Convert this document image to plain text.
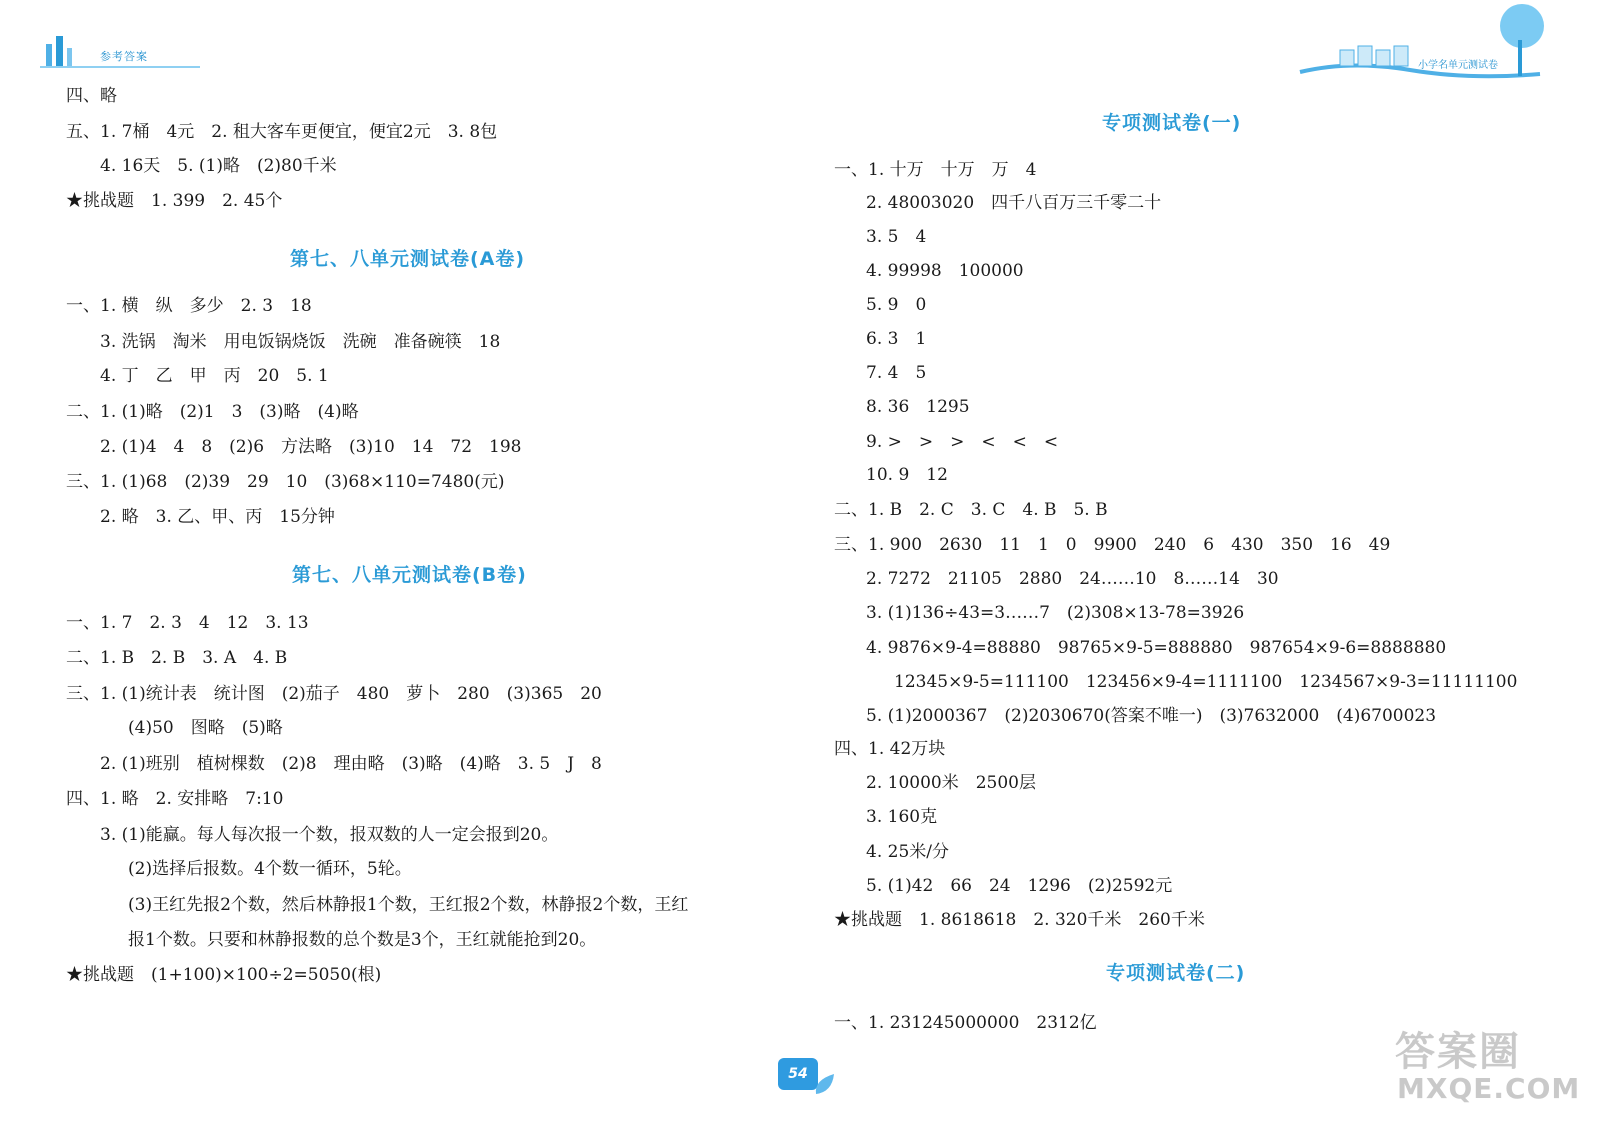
参考答案
小学名单元测试卷
四、略
五、1. 7桶　4元　2. 租大客车更便宜，便宜2元　3. 8包
4. 16天　5. (1)略　(2)80千米
★挑战题　1. 399　2. 45个
第七、八单元测试卷(A卷)
一、1. 横　纵　多少　2. 3　18
3. 洗锅　淘米　用电饭锅烧饭　洗碗　准备碗筷　18
4. 丁　乙　甲　丙　20　5. 1
二、1. (1)略　(2)1　3　(3)略　(4)略
2. (1)4　4　8　(2)6　方法略　(3)10　14　72　198
三、1. (1)68　(2)39　29　10　(3)68×110=7480(元)
2. 略　3. 乙、甲、丙　15分钟
第七、八单元测试卷(B卷)
一、1. 7　2. 3　4　12　3. 13
二、1. B　2. B　3. A　4. B
三、1. (1)统计表　统计图　(2)茄子　480　萝卜　280　(3)365　20
(4)50　图略　(5)略
2. (1)班别　植树棵数　(2)8　理由略　(3)略　(4)略　3. 5　J　8
四、1. 略　2. 安排略　7:10
3. (1)能赢。每人每次报一个数，报双数的人一定会报到20。
(2)选择后报数。4个数一循环，5轮。
(3)王红先报2个数，然后林静报1个数，王红报2个数，林静报2个数，王红
报1个数。只要和林静报数的总个数是3个，王红就能抢到20。
★挑战题　(1+100)×100÷2=5050(根)
专项测试卷(一)
一、1. 十万　十万　万　4
2. 48003020　四千八百万三千零二十
3. 5　4
4. 99998　100000
5. 9　0
6. 3　1
7. 4　5
8. 36　1295
9. >　>　>　<　<　<
10. 9　12
二、1. B　2. C　3. C　4. B　5. B
三、1. 900　2630　11　1　0　9900　240　6　430　350　16　49
2. 7272　21105　2880　24……10　8……14　30
3. (1)136÷43=3……7　(2)308×13-78=3926
4. 9876×9-4=88880　98765×9-5=888880　987654×9-6=8888880
12345×9-5=111100　123456×9-4=1111100　1234567×9-3=11111100
5. (1)2000367　(2)2030670(答案不唯一)　(3)7632000　(4)6700023
四、1. 42万块
2. 10000米　2500层
3. 160克
4. 25米/分
5. (1)42　66　24　1296　(2)2592元
★挑战题　1. 8618618　2. 320千米　260千米
专项测试卷(二)
一、1. 231245000000　2312亿
54	答案圈
MXQE.COM
